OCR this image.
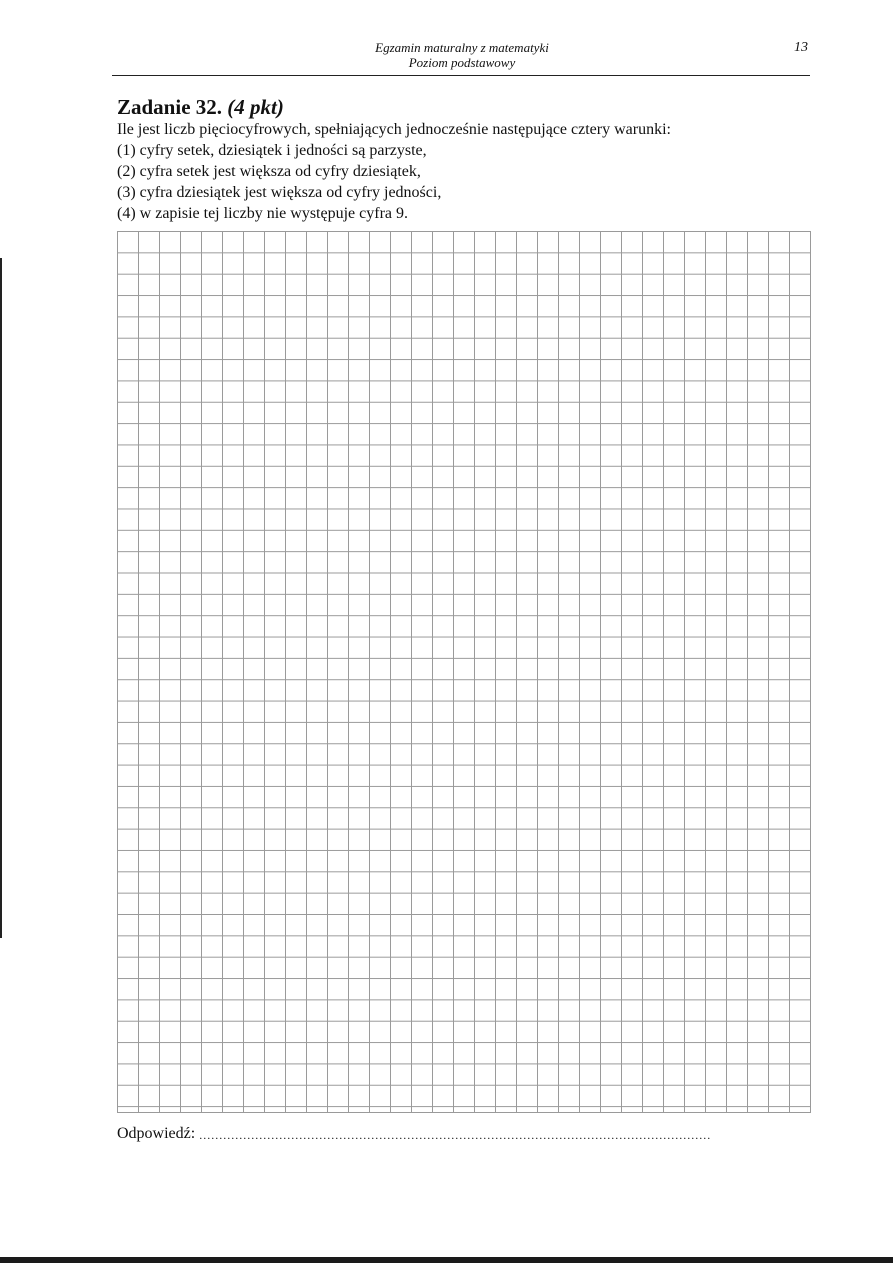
Egzamin maturalny z matematyki
Poziom podstawowy
13
Zadanie 32. (4 pkt)
Ile jest liczb pięciocyfrowych, spełniających jednocześnie następujące cztery warunki:
(1) cyfry setek, dziesiątek i jedności są parzyste,
(2) cyfra setek jest większa od cyfry dziesiątek,
(3) cyfra dziesiątek jest większa od cyfry jedności,
(4) w zapisie tej liczby nie występuje cyfra 9.
Odpowiedź: ................................................................................................................................
